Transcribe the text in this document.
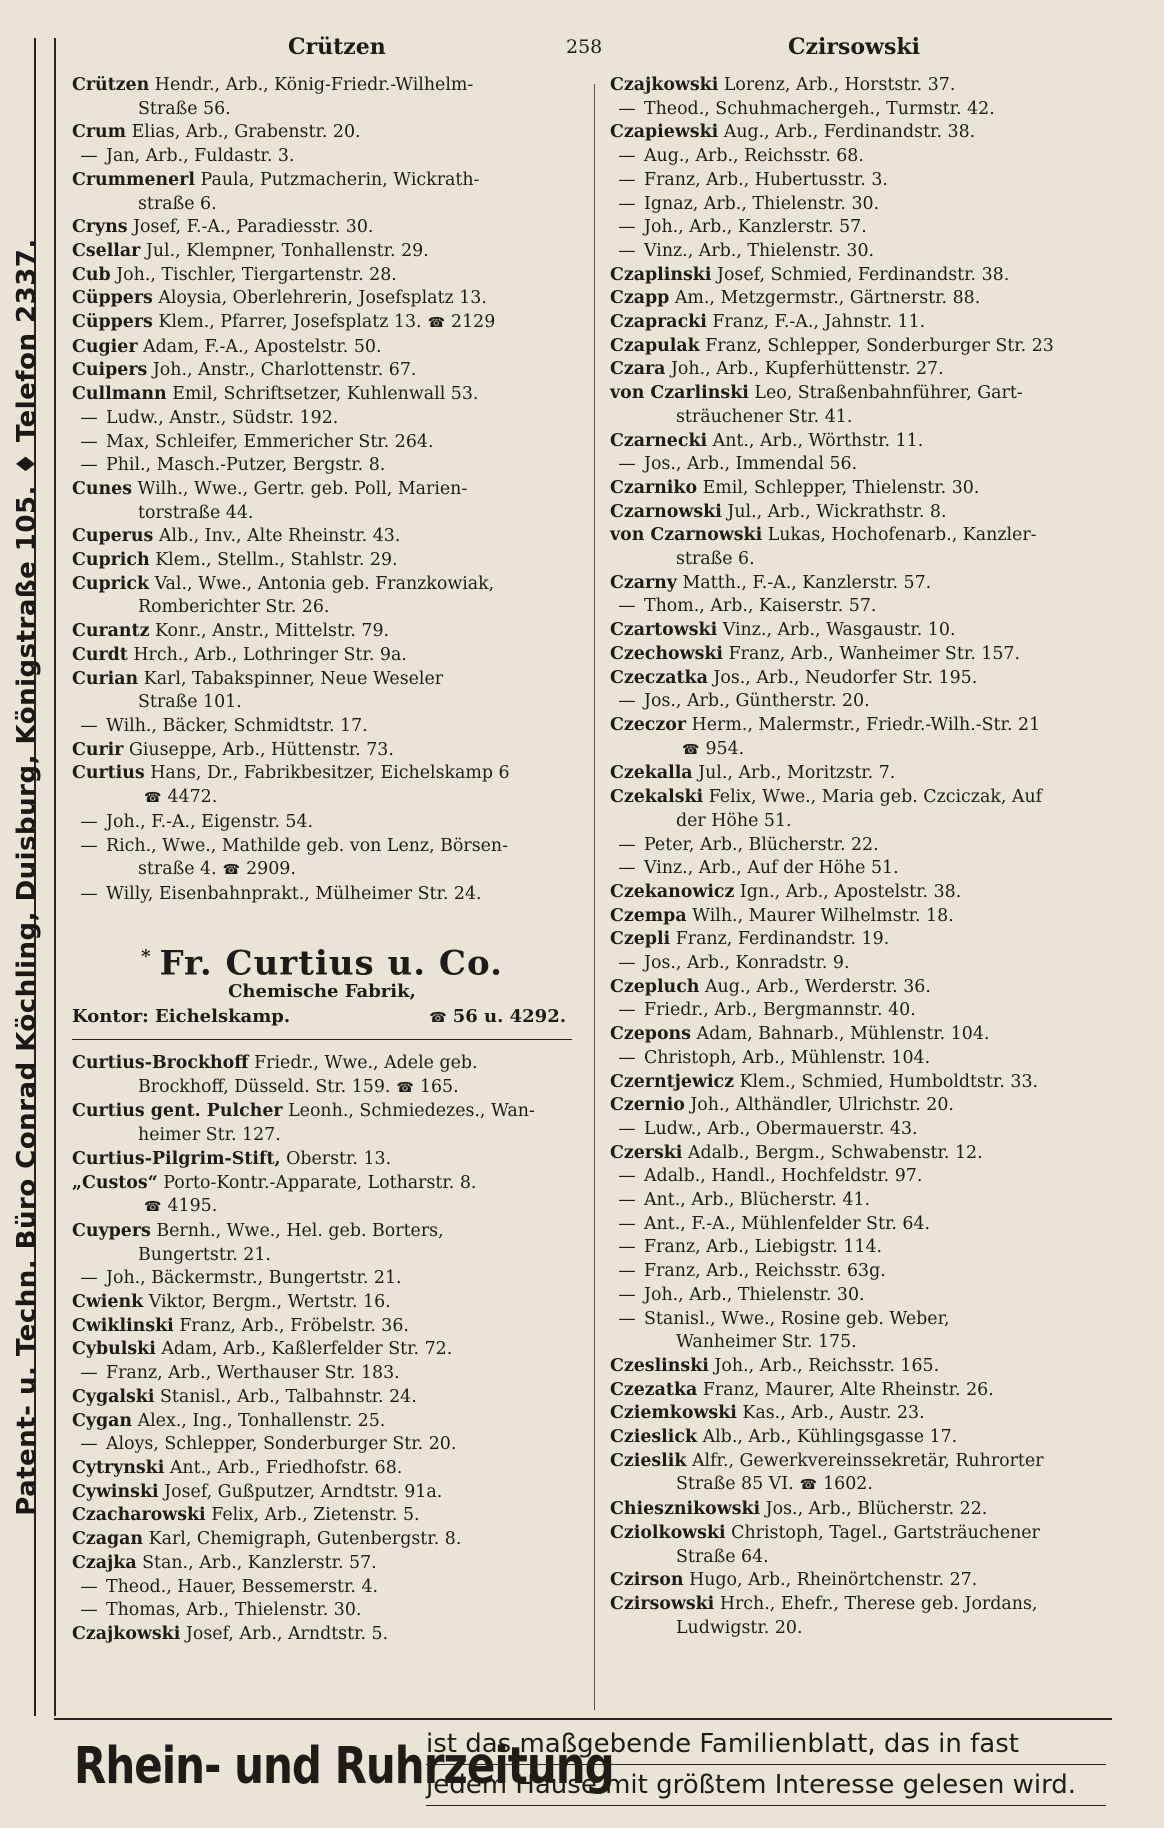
Patent- u. Techn. Büro Conrad Köchling, Duisburg, Königstraße 105. ♦ Telefon 2337.
Crützen	258	Czirsowski
Crützen Hendr., Arb., König-Friedr.-Wilhelm-
Straße 56.
Crum Elias, Arb., Grabenstr. 20.
— Jan, Arb., Fuldastr. 3.
Crummenerl Paula, Putzmacherin, Wickrath-
straße 6.
Cryns Josef, F.-A., Paradiesstr. 30.
Csellar Jul., Klempner, Tonhallenstr. 29.
Cub Joh., Tischler, Tiergartenstr. 28.
Cüppers Aloysia, Oberlehrerin, Josefsplatz 13.
Cüppers Klem., Pfarrer, Josefsplatz 13. ☎ 2129
Cugier Adam, F.-A., Apostelstr. 50.
Cuipers Joh., Anstr., Charlottenstr. 67.
Cullmann Emil, Schriftsetzer, Kuhlenwall 53.
— Ludw., Anstr., Südstr. 192.
— Max, Schleifer, Emmericher Str. 264.
— Phil., Masch.-Putzer, Bergstr. 8.
Cunes Wilh., Wwe., Gertr. geb. Poll, Marien-
torstraße 44.
Cuperus Alb., Inv., Alte Rheinstr. 43.
Cuprich Klem., Stellm., Stahlstr. 29.
Cuprick Val., Wwe., Antonia geb. Franzkowiak,
Romberichter Str. 26.
Curantz Konr., Anstr., Mittelstr. 79.
Curdt Hrch., Arb., Lothringer Str. 9a.
Curian Karl, Tabakspinner, Neue Weseler
Straße 101.
— Wilh., Bäcker, Schmidtstr. 17.
Curir Giuseppe, Arb., Hüttenstr. 73.
Curtius Hans, Dr., Fabrikbesitzer, Eichelskamp 6
☎ 4472.
— Joh., F.-A., Eigenstr. 54.
— Rich., Wwe., Mathilde geb. von Lenz, Börsen-
straße 4. ☎ 2909.
— Willy, Eisenbahnprakt., Mülheimer Str. 24.
* Fr. Curtius u. Co.
Chemische Fabrik,
Kontor: Eichelskamp.	☎ 56 u. 4292.
Curtius-Brockhoff Friedr., Wwe., Adele geb.
Brockhoff, Düsseld. Str. 159. ☎ 165.
Curtius gent. Pulcher Leonh., Schmiedezes., Wan-
heimer Str. 127.
Curtius-Pilgrim-Stift, Oberstr. 13.
„Custos“ Porto-Kontr.-Apparate, Lotharstr. 8.
☎ 4195.
Cuypers Bernh., Wwe., Hel. geb. Borters,
Bungertstr. 21.
— Joh., Bäckermstr., Bungertstr. 21.
Cwienk Viktor, Bergm., Wertstr. 16.
Cwiklinski Franz, Arb., Fröbelstr. 36.
Cybulski Adam, Arb., Kaßlerfelder Str. 72.
— Franz, Arb., Werthauser Str. 183.
Cygalski Stanisl., Arb., Talbahnstr. 24.
Cygan Alex., Ing., Tonhallenstr. 25.
— Aloys, Schlepper, Sonderburger Str. 20.
Cytrynski Ant., Arb., Friedhofstr. 68.
Cywinski Josef, Gußputzer, Arndtstr. 91a.
Czacharowski Felix, Arb., Zietenstr. 5.
Czagan Karl, Chemigraph, Gutenbergstr. 8.
Czajka Stan., Arb., Kanzlerstr. 57.
— Theod., Hauer, Bessemerstr. 4.
— Thomas, Arb., Thielenstr. 30.
Czajkowski Josef, Arb., Arndtstr. 5.
Czajkowski Lorenz, Arb., Horststr. 37.
— Theod., Schuhmachergeh., Turmstr. 42.
Czapiewski Aug., Arb., Ferdinandstr. 38.
— Aug., Arb., Reichsstr. 68.
— Franz, Arb., Hubertusstr. 3.
— Ignaz, Arb., Thielenstr. 30.
— Joh., Arb., Kanzlerstr. 57.
— Vinz., Arb., Thielenstr. 30.
Czaplinski Josef, Schmied, Ferdinandstr. 38.
Czapp Am., Metzgermstr., Gärtnerstr. 88.
Czapracki Franz, F.-A., Jahnstr. 11.
Czapulak Franz, Schlepper, Sonderburger Str. 23
Czara Joh., Arb., Kupferhüttenstr. 27.
von Czarlinski Leo, Straßenbahnführer, Gart-
sträuchener Str. 41.
Czarnecki Ant., Arb., Wörthstr. 11.
— Jos., Arb., Immendal 56.
Czarniko Emil, Schlepper, Thielenstr. 30.
Czarnowski Jul., Arb., Wickrathstr. 8.
von Czarnowski Lukas, Hochofenarb., Kanzler-
straße 6.
Czarny Matth., F.-A., Kanzlerstr. 57.
— Thom., Arb., Kaiserstr. 57.
Czartowski Vinz., Arb., Wasgaustr. 10.
Czechowski Franz, Arb., Wanheimer Str. 157.
Czeczatka Jos., Arb., Neudorfer Str. 195.
— Jos., Arb., Güntherstr. 20.
Czeczor Herm., Malermstr., Friedr.-Wilh.-Str. 21
☎ 954.
Czekalla Jul., Arb., Moritzstr. 7.
Czekalski Felix, Wwe., Maria geb. Czciczak, Auf
der Höhe 51.
— Peter, Arb., Blücherstr. 22.
— Vinz., Arb., Auf der Höhe 51.
Czekanowicz Ign., Arb., Apostelstr. 38.
Czempa Wilh., Maurer Wilhelmstr. 18.
Czepli Franz, Ferdinandstr. 19.
— Jos., Arb., Konradstr. 9.
Czepluch Aug., Arb., Werderstr. 36.
— Friedr., Arb., Bergmannstr. 40.
Czepons Adam, Bahnarb., Mühlenstr. 104.
— Christoph, Arb., Mühlenstr. 104.
Czerntjewicz Klem., Schmied, Humboldtstr. 33.
Czernio Joh., Althändler, Ulrichstr. 20.
— Ludw., Arb., Obermauerstr. 43.
Czerski Adalb., Bergm., Schwabenstr. 12.
— Adalb., Handl., Hochfeldstr. 97.
— Ant., Arb., Blücherstr. 41.
— Ant., F.-A., Mühlenfelder Str. 64.
— Franz, Arb., Liebigstr. 114.
— Franz, Arb., Reichsstr. 63g.
— Joh., Arb., Thielenstr. 30.
— Stanisl., Wwe., Rosine geb. Weber,
Wanheimer Str. 175.
Czeslinski Joh., Arb., Reichsstr. 165.
Czezatka Franz, Maurer, Alte Rheinstr. 26.
Cziemkowski Kas., Arb., Austr. 23.
Czieslick Alb., Arb., Kühlingsgasse 17.
Czieslik Alfr., Gewerkvereinssekretär, Ruhrorter
Straße 85 VI. ☎ 1602.
Chiesznikowski Jos., Arb., Blücherstr. 22.
Cziolkowski Christoph, Tagel., Gartsträuchener
Straße 64.
Czirson Hugo, Arb., Rheinörtchenstr. 27.
Czirsowski Hrch., Ehefr., Therese geb. Jordans,
Ludwigstr. 20.
Rhein- und Ruhrzeitung
ist das maßgebende Familienblatt, das in fast
jedem Hause mit größtem Interesse gelesen wird.
